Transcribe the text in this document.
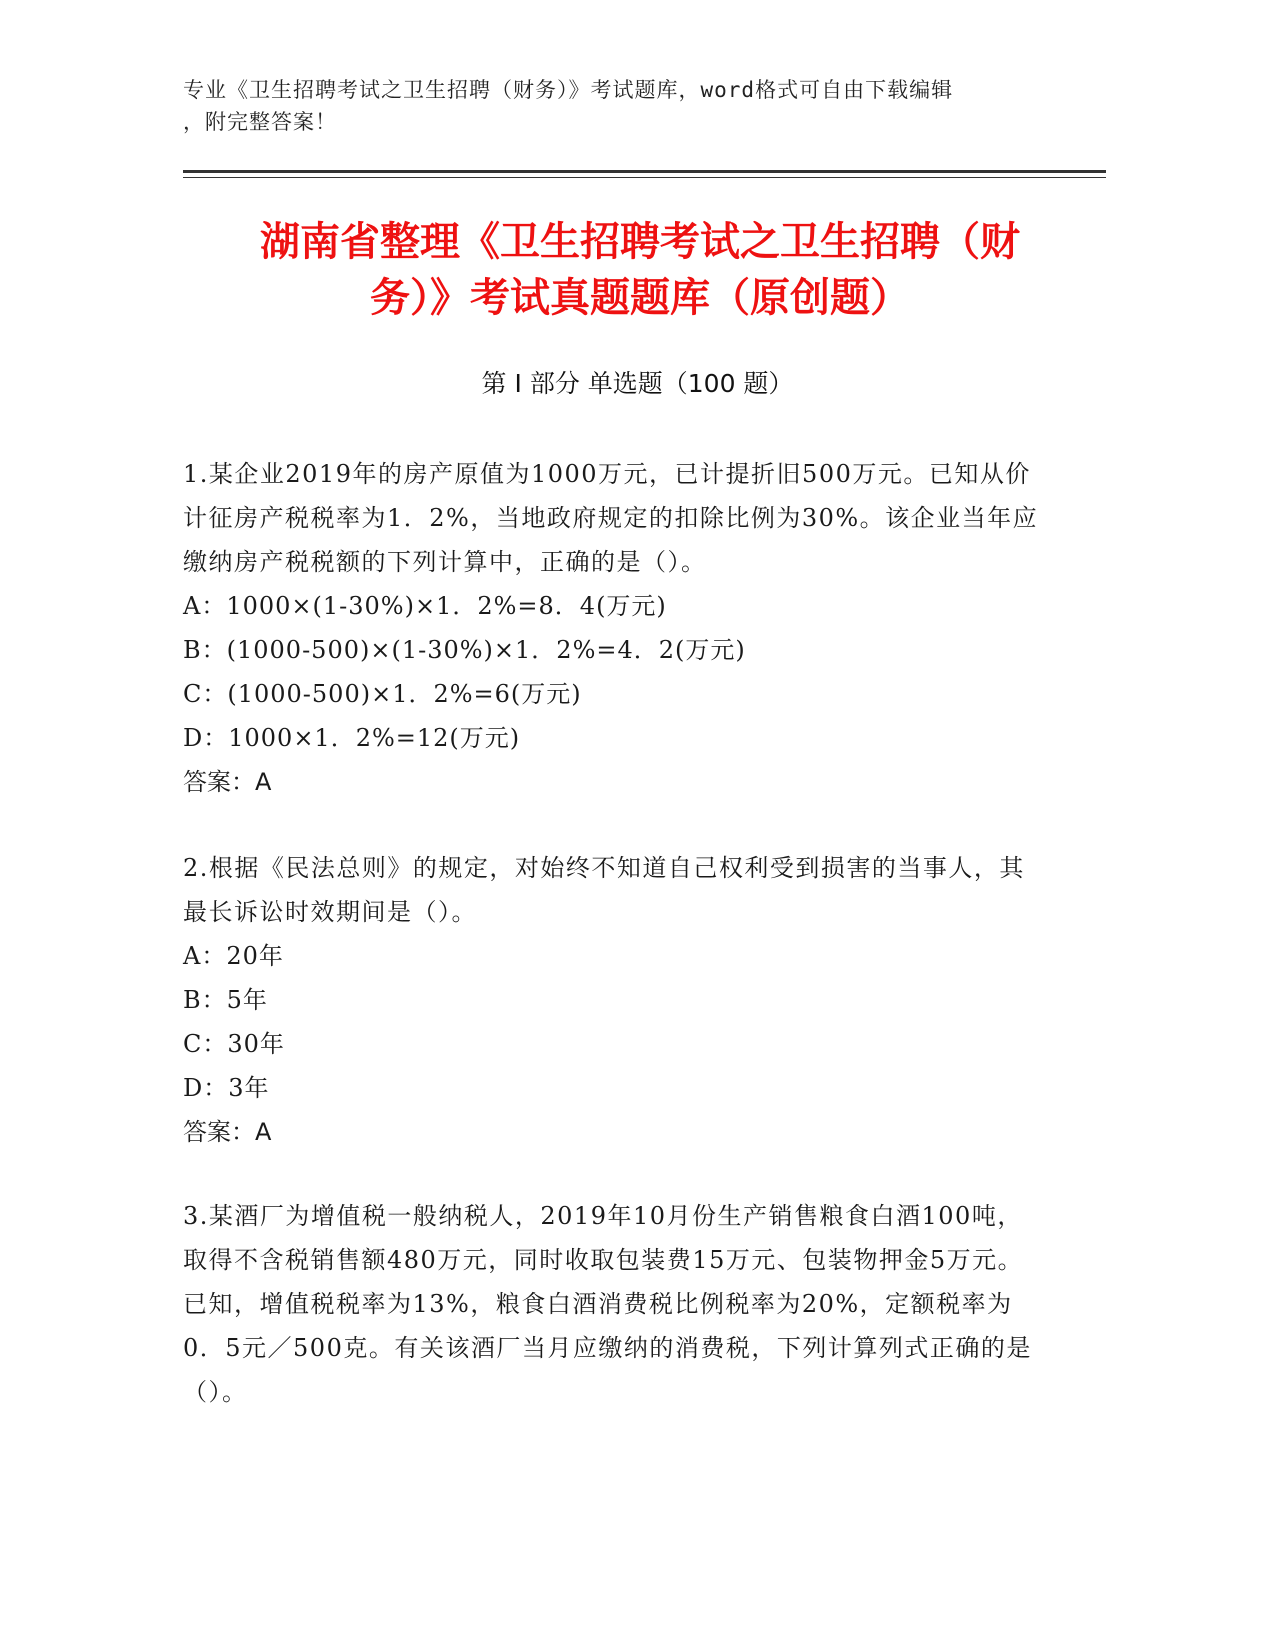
专业《卫生招聘考试之卫生招聘（财务）》考试题库，word格式可自由下载编辑
，附完整答案！
湖南省整理《卫生招聘考试之卫生招聘（财
务）》考试真题题库（原创题）
第 I 部分 单选题（100 题）

1.某企业2019年的房产原值为1000万元，已计提折旧500万元。已知从价计征房产税税率为1．2%，当地政府规定的扣除比例为30%。该企业当年应缴纳房产税税额的下列计算中，正确的是（）。

A：1000×(1-30%)×1．2%=8．4(万元)

B：(1000-500)×(1-30%)×1．2%=4．2(万元)

C：(1000-500)×1．2%=6(万元)

D：1000×1．2%=12(万元)

答案：A

2.根据《民法总则》的规定，对始终不知道自己权利受到损害的当事人，其最长诉讼时效期间是（）。

A：20年

B：5年

C：30年

D：3年

答案：A

3.某酒厂为增值税一般纳税人，2019年10月份生产销售粮食白酒100吨，取得不含税销售额480万元，同时收取包装费15万元、包装物押金5万元。已知，增值税税率为13%，粮食白酒消费税比例税率为20%，定额税率为0．5元／500克。有关该酒厂当月应缴纳的消费税，下列计算列式正确的是（）。
